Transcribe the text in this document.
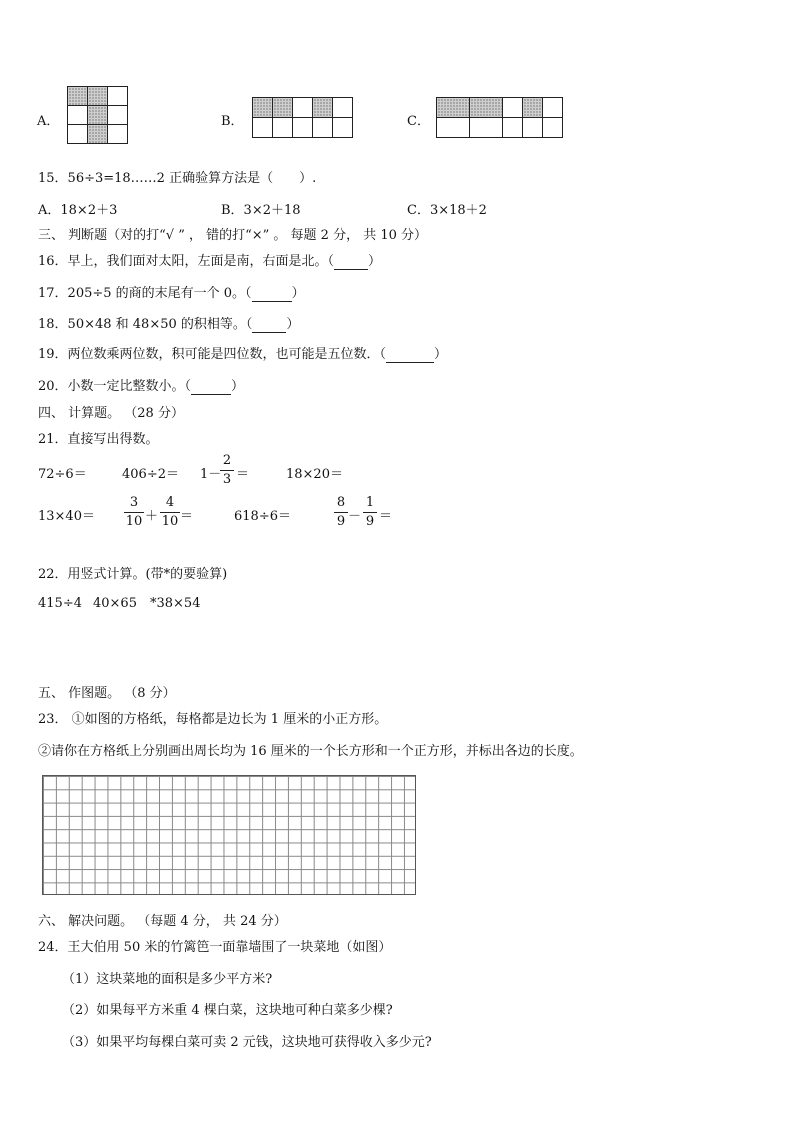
A．

			B．

					C．

15．56÷3=18……2 正确验算方法是（　　）.
A．18×2＋3	B．3×2＋18	C．3×18＋2
三、 判断题（对的打“√ ” ， 错的打“×” 。 每题 2 分， 共 10 分）
16．早上，我们面对太阳，左面是南，右面是北。（	）
17．205÷5 的商的末尾有一个 0。（	）
18．50×48 和 48×50 的积相等。（	）
19．两位数乘两位数，积可能是四位数，也可能是五位数．（	）
20．小数一定比整数小。（	）
四、 计算题。 （28 分）
21．直接写出得数。
72÷6＝	406÷2＝ 1－
2
3 ＝	18×20＝
13×40＝
3
10 ＋
4
10 ＝	618÷6＝
8
9 －
1
9 ＝
22．用竖式计算。(带*的要验算)
415÷4 40×65 *38×54
五、 作图题。 （8 分）
23． ①如图的方格纸，每格都是边长为 1 厘米的小正方形。
②请你在方格纸上分别画出周长均为 16 厘米的一个长方形和一个正方形，并标出各边的长度。
六、 解决问题。 （每题 4 分， 共 24 分）
24．王大伯用 50 米的竹篱笆一面靠墙围了一块菜地（如图）
（1）这块菜地的面积是多少平方米?
（2）如果每平方米重 4 棵白菜，这块地可种白菜多少棵?
（3）如果平均每棵白菜可卖 2 元钱，这块地可获得收入多少元?
